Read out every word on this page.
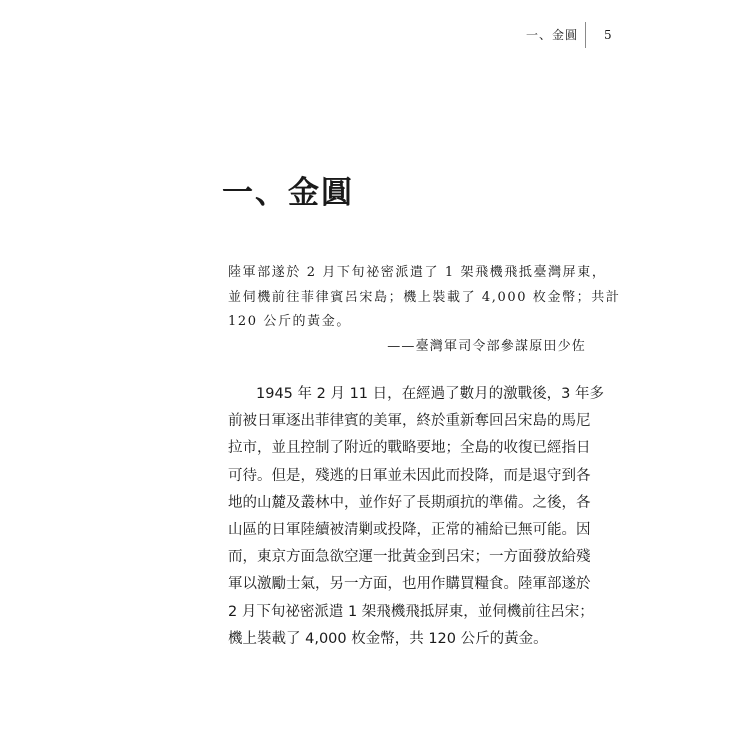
一、金圓 5
一、金圓
陸軍部遂於 2 月下旬祕密派遣了 1 架飛機飛抵臺灣屏東，
並伺機前往菲律賓呂宋島；機上裝載了 4,000 枚金幣；共計
120 公斤的黃金。
——臺灣軍司令部參謀原田少佐
1945 年 2 月 11 日，在經過了數月的激戰後，3 年多
前被日軍逐出菲律賓的美軍，終於重新奪回呂宋島的馬尼
拉市，並且控制了附近的戰略要地；全島的收復已經指日
可待。但是，殘逃的日軍並未因此而投降，而是退守到各
地的山麓及叢林中，並作好了長期頑抗的準備。之後，各
山區的日軍陸續被清剿或投降，正常的補給已無可能。因
而，東京方面急欲空運一批黃金到呂宋；一方面發放給殘
軍以激勵士氣，另一方面，也用作購買糧食。陸軍部遂於
2 月下旬祕密派遣 1 架飛機飛抵屏東，並伺機前往呂宋；
機上裝載了 4,000 枚金幣，共 120 公斤的黃金。
